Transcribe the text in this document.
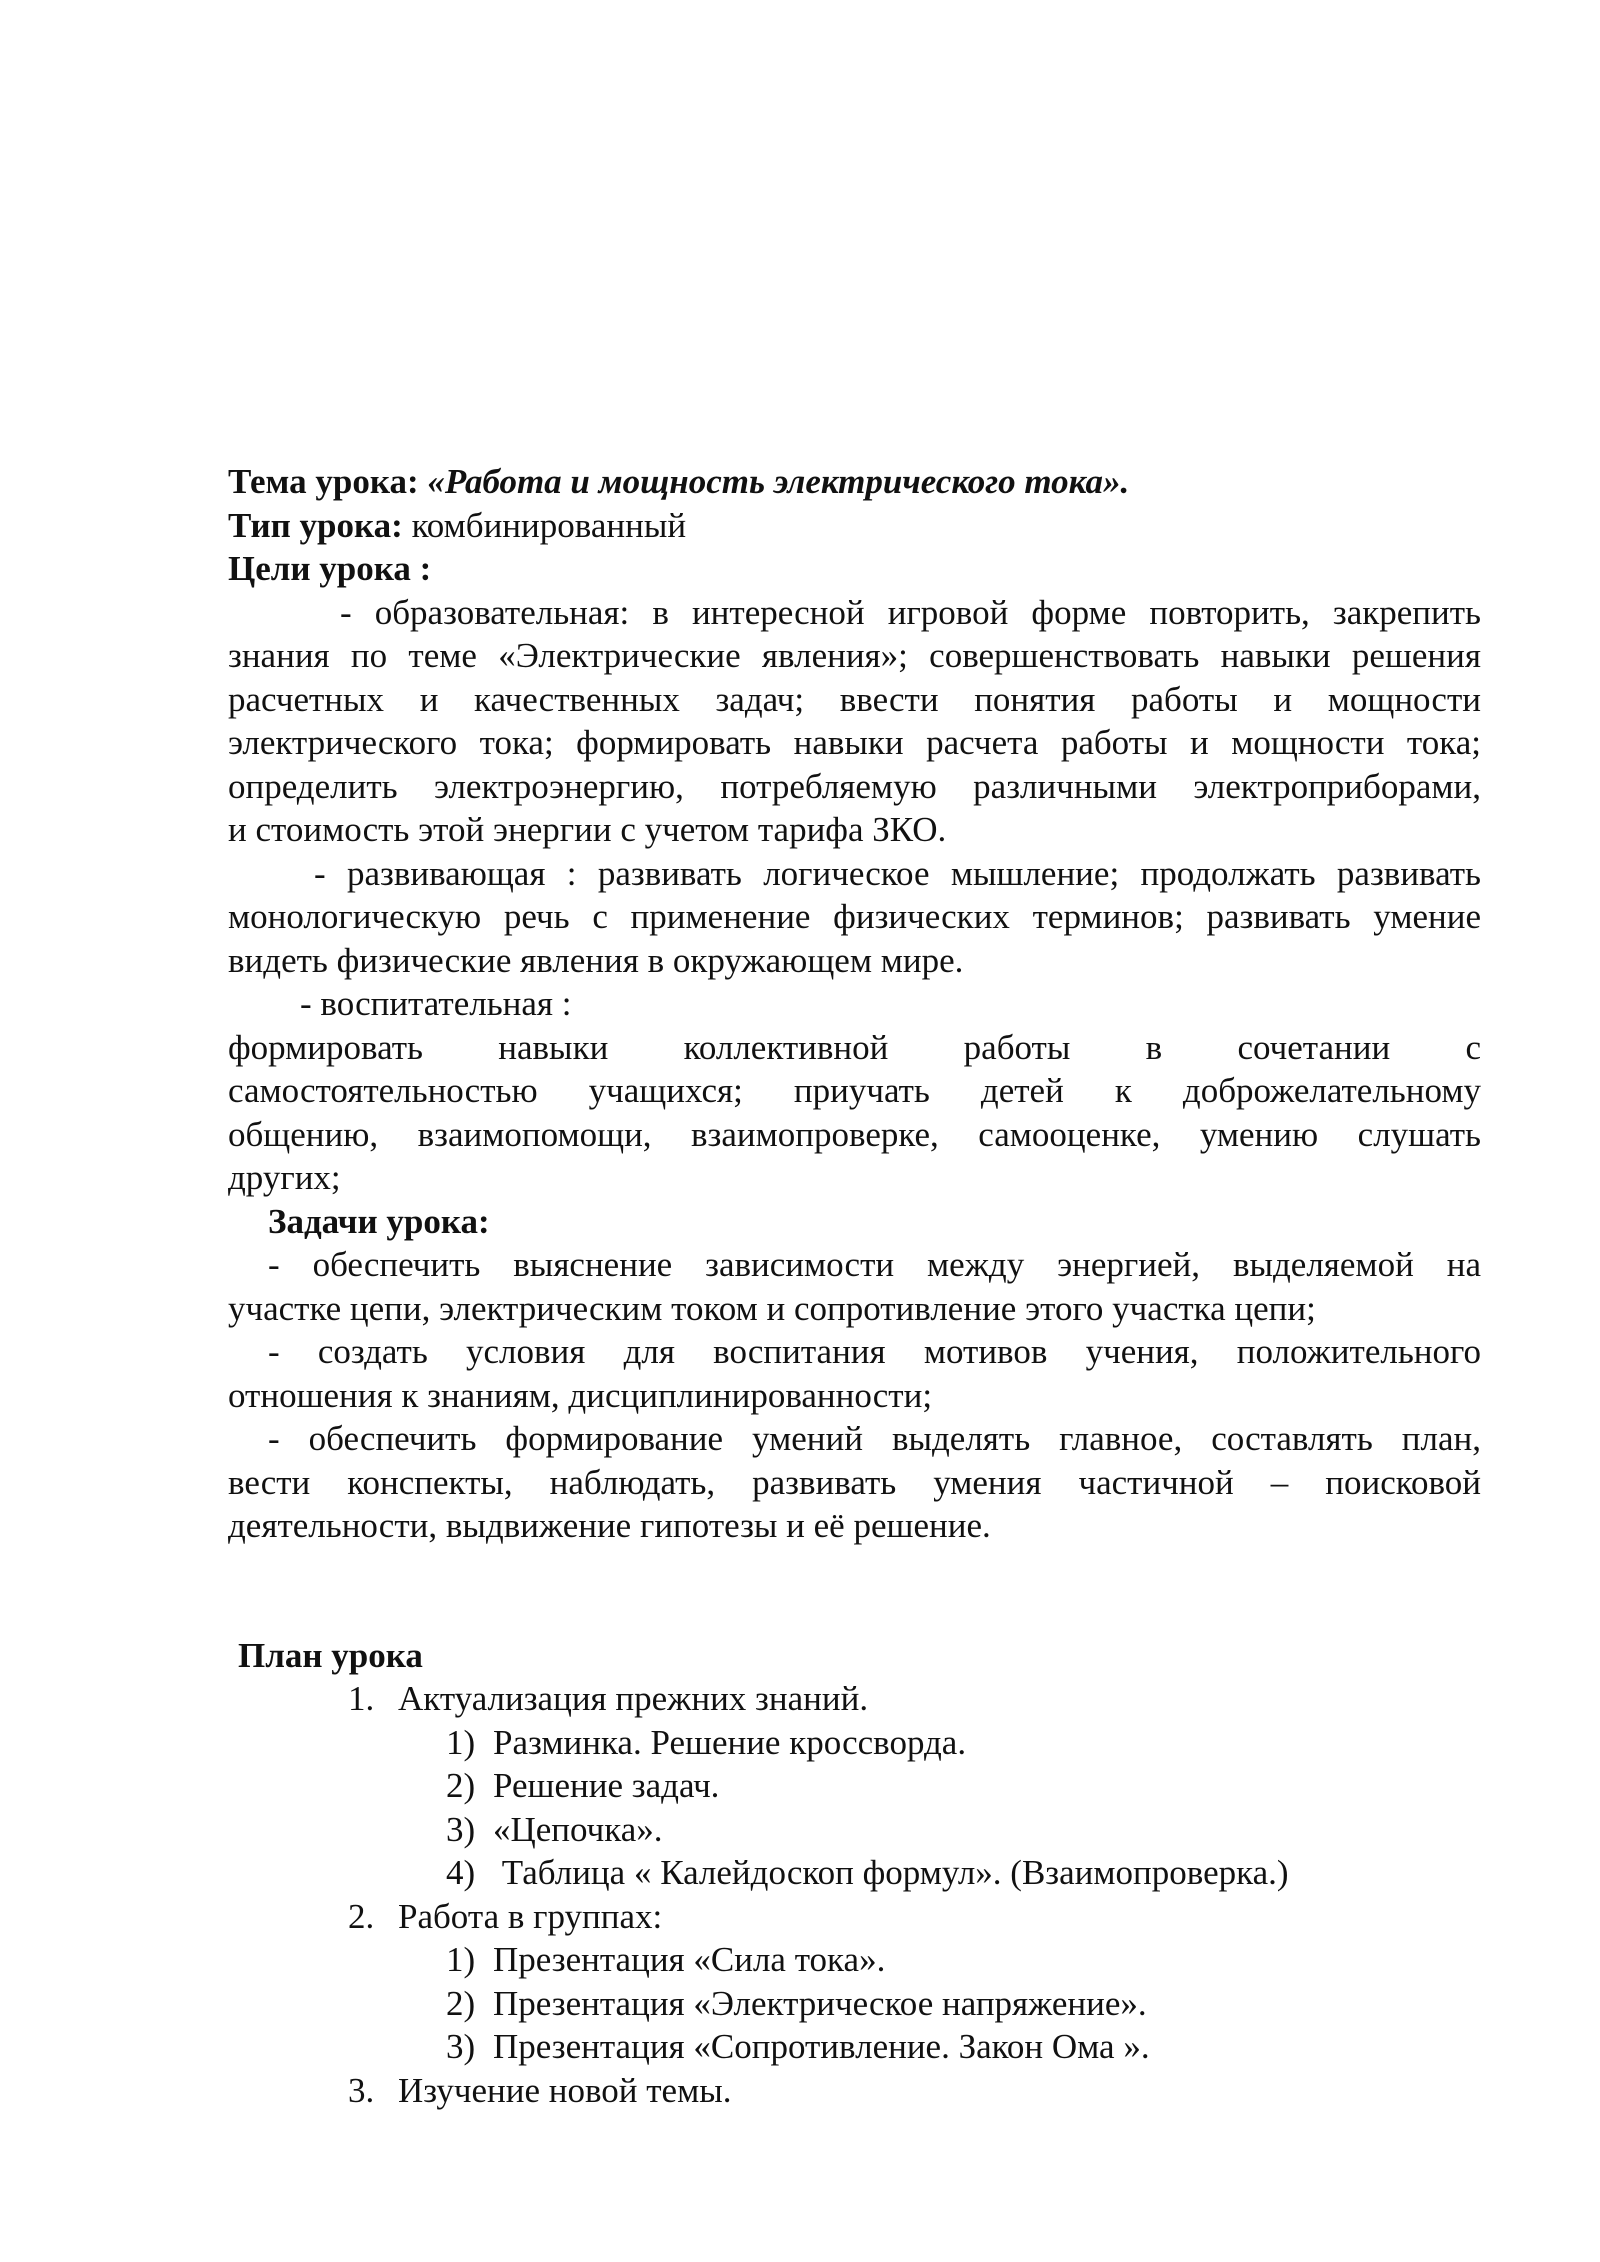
Тема урока: «Работа и мощность электрического тока».

Тип урока: комбинированный

Цели урока :

- образовательная: в интересной игровой форме повторить, закрепить

знания по теме «Электрические явления»; совершенствовать навыки решения

расчетных и качественных задач; ввести понятия работы и мощности

электрического тока; формировать навыки расчета работы и мощности тока;

определить электроэнергию, потребляемую различными электроприборами,

и стоимость этой энергии с учетом тарифа ЗКО.

- развивающая : развивать логическое мышление; продолжать развивать

монологическую речь с применение физических терминов; развивать умение

видеть физические явления в окружающем мире.

- воспитательная :

формировать навыки коллективной работы в сочетании с

самостоятельностью учащихся; приучать детей к доброжелательному

общению, взаимопомощи, взаимопроверке, самооценке, умению слушать

других;

Задачи урока:

- обеспечить выяснение зависимости между энергией, выделяемой на

участке цепи, электрическим током и сопротивление этого участка цепи;

- создать условия для воспитания мотивов учения, положительного

отношения к знаниям, дисциплинированности;

- обеспечить формирование умений выделять главное, составлять план,

вести конспекты, наблюдать, развивать умения частичной – поисковой

деятельности, выдвижение гипотезы и её решение.

План урока

1. Актуализация прежних знаний.
1) Разминка. Решение кроссворда.
2) Решение задач.
3) «Цепочка».
4) Таблица « Калейдоскоп формул». (Взаимопроверка.)
2. Работа в группах:
1) Презентация «Сила тока».
2) Презентация «Электрическое напряжение».
3) Презентация «Сопротивление. Закон Ома ».
3. Изучение новой темы.
